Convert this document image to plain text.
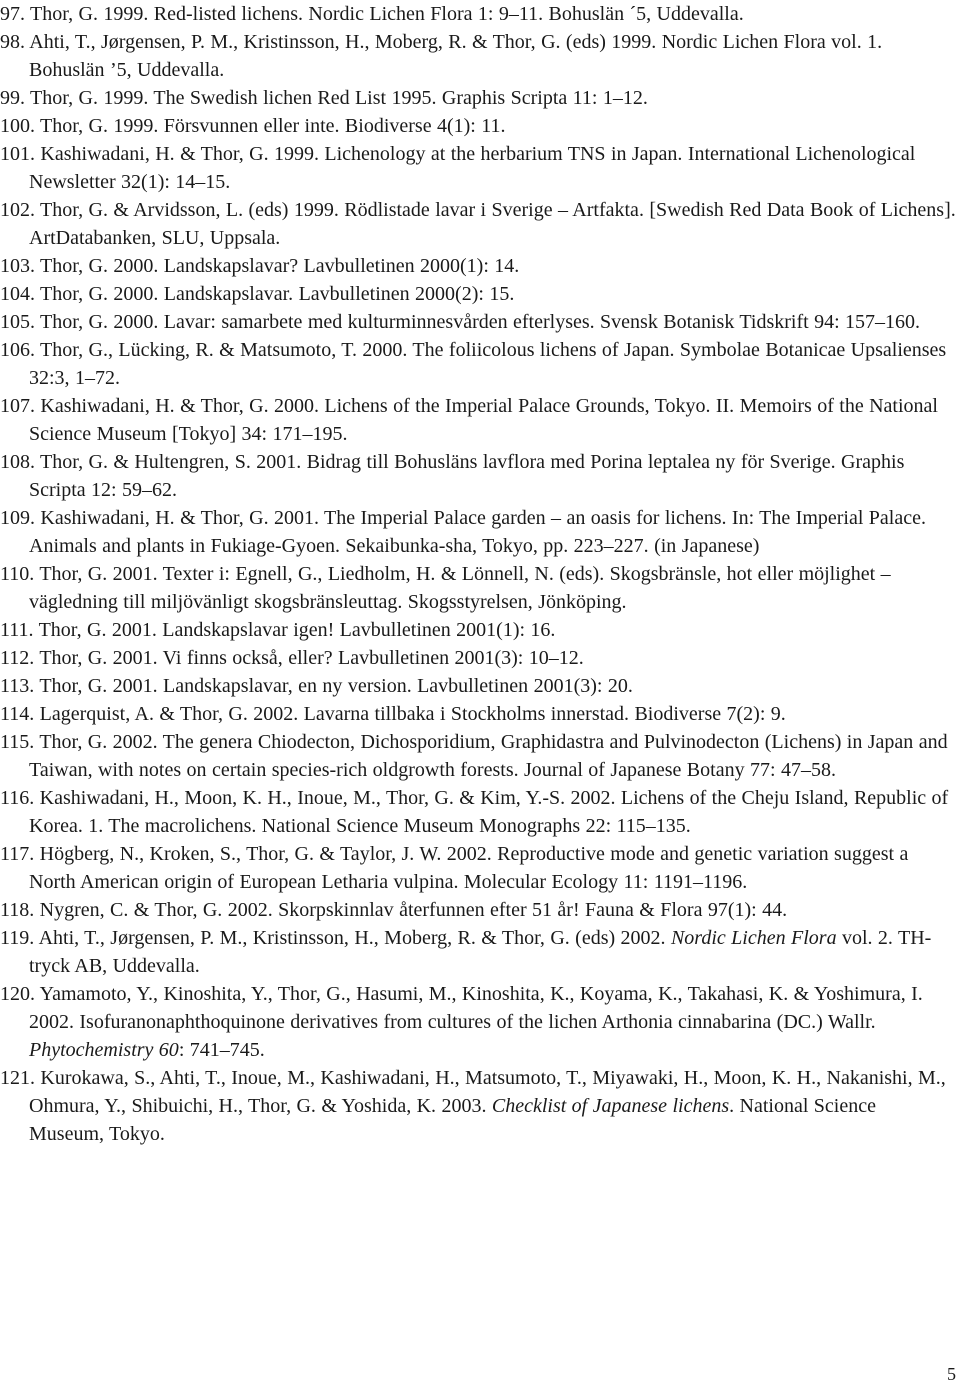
97. Thor, G. 1999. Red-listed lichens. Nordic Lichen Flora 1: 9–11. Bohuslän ´5, Uddevalla.

98. Ahti, T., Jørgensen, P. M., Kristinsson, H., Moberg, R. & Thor, G. (eds) 1999. Nordic Lichen Flora vol. 1. Bohuslän ’5, Uddevalla.

99. Thor, G. 1999. The Swedish lichen Red List 1995. Graphis Scripta 11: 1–12.

100. Thor, G. 1999. Försvunnen eller inte. Biodiverse 4(1): 11.

101. Kashiwadani, H. & Thor, G. 1999. Lichenology at the herbarium TNS in Japan. International Lichenological Newsletter 32(1): 14–15.

102. Thor, G. & Arvidsson, L. (eds) 1999. Rödlistade lavar i Sverige – Artfakta. [Swedish Red Data Book of Lichens]. ArtDatabanken, SLU, Uppsala.

103. Thor, G. 2000. Landskapslavar? Lavbulletinen 2000(1): 14.

104. Thor, G. 2000. Landskapslavar. Lavbulletinen 2000(2): 15.

105. Thor, G. 2000. Lavar: samarbete med kulturminnesvården efterlyses. Svensk Botanisk Tidskrift 94: 157–160.

106. Thor, G., Lücking, R. & Matsumoto, T. 2000. The foliicolous lichens of Japan. Symbolae Botanicae Upsalienses 32:3, 1–72.

107. Kashiwadani, H. & Thor, G. 2000. Lichens of the Imperial Palace Grounds, Tokyo. II. Memoirs of the National Science Museum [Tokyo] 34: 171–195.

108. Thor, G. & Hultengren, S. 2001. Bidrag till Bohusläns lavflora med Porina leptalea ny för Sverige. Graphis Scripta 12: 59–62.

109. Kashiwadani, H. & Thor, G. 2001. The Imperial Palace garden – an oasis for lichens. In: The Imperial Palace. Animals and plants in Fukiage-Gyoen. Sekaibunka-sha, Tokyo, pp. 223–227. (in Japanese)

110. Thor, G. 2001. Texter i: Egnell, G., Liedholm, H. & Lönnell, N. (eds). Skogsbränsle, hot eller möjlighet – vägledning till miljövänligt skogsbränsleuttag. Skogsstyrelsen, Jönköping.

111. Thor, G. 2001. Landskapslavar igen! Lavbulletinen 2001(1): 16.

112. Thor, G. 2001. Vi finns också, eller? Lavbulletinen 2001(3): 10–12.

113. Thor, G. 2001. Landskapslavar, en ny version. Lavbulletinen 2001(3): 20.

114. Lagerquist, A. & Thor, G. 2002. Lavarna tillbaka i Stockholms innerstad. Biodiverse 7(2): 9.

115. Thor, G. 2002. The genera Chiodecton, Dichosporidium, Graphidastra and Pulvinodecton (Lichens) in Japan and Taiwan, with notes on certain species-rich oldgrowth forests. Journal of Japanese Botany 77: 47–58.

116. Kashiwadani, H., Moon, K. H., Inoue, M., Thor, G. & Kim, Y.-S. 2002. Lichens of the Cheju Island, Republic of Korea. 1. The macrolichens. National Science Museum Monographs 22: 115–135.

117. Högberg, N., Kroken, S., Thor, G. & Taylor, J. W. 2002. Reproductive mode and genetic variation suggest a North American origin of European Letharia vulpina. Molecular Ecology 11: 1191–1196.

118. Nygren, C. & Thor, G. 2002. Skorpskinnlav återfunnen efter 51 år! Fauna & Flora 97(1): 44.

119. Ahti, T., Jørgensen, P. M., Kristinsson, H., Moberg, R. & Thor, G. (eds) 2002. Nordic Lichen Flora vol. 2. TH-tryck AB, Uddevalla.

120. Yamamoto, Y., Kinoshita, Y., Thor, G., Hasumi, M., Kinoshita, K., Koyama, K., Takahasi, K. & Yoshimura, I. 2002. Isofuranonaphthoquinone derivatives from cultures of the lichen Arthonia cinnabarina (DC.) Wallr. Phytochemistry 60: 741–745.

121. Kurokawa, S., Ahti, T., Inoue, M., Kashiwadani, H., Matsumoto, T., Miyawaki, H., Moon, K. H., Nakanishi, M., Ohmura, Y., Shibuichi, H., Thor, G. & Yoshida, K. 2003. Checklist of Japanese lichens. National Science Museum, Tokyo.

5
